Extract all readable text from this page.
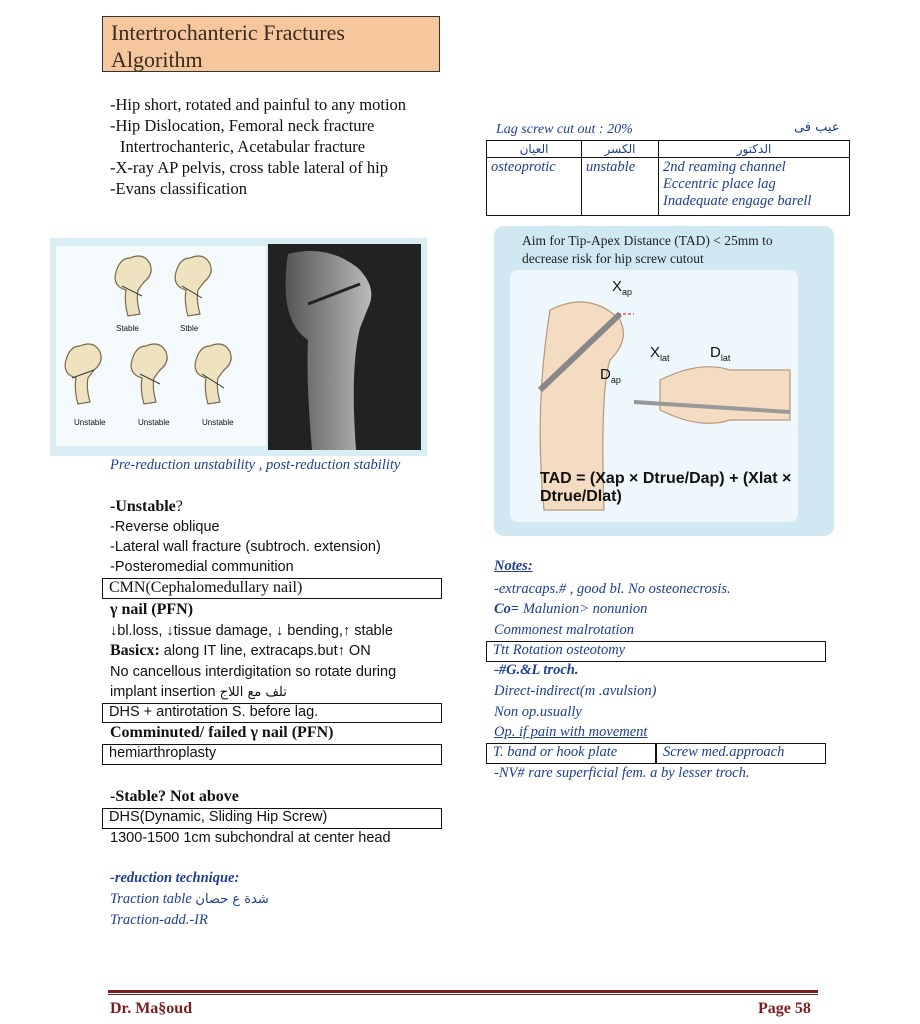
Intertrochanteric Fractures
Algorithm
-Hip short, rotated and painful to any motion
-Hip Dislocation, Femoral neck fracture
Intertrochanteric, Acetabular fracture
-X-ray AP pelvis, cross table lateral of hip
-Evans classification
Stable	Stble
Unstable	Unstable	Unstable
Pre-reduction unstability , post-reduction stability
Lag screw cut out : 20%	عيب فى
العيان	الكسر	الدكتور
osteoprotic	unstable	2nd reaming channel
Eccentric place lag
Inadequate engage barell
Aim for Tip-Apex Distance (TAD) < 25mm to decrease risk for hip screw cutout
$X_{ap}$
$D_{ap}$
$X_{lat}$	$D_{lat}$
TAD = (Xap × Dtrue/Dap) + (Xlat × Dtrue/Dlat)
-Unstable?
-Reverse oblique
-Lateral wall fracture (subtroch. extension)
-Posteromedial communition
CMN(Cephalomedullary nail)
γ nail (PFN)
↓bl.loss, ↓tissue damage, ↓ bending,↑ stable
Basicx: along IT line, extracaps.but↑ ON
No cancellous interdigitation so rotate during
implant insertion تلف مع اللاج
DHS + antirotation S. before lag.
Comminuted/ failed γ nail (PFN)
hemiarthroplasty
-Stable? Not above
DHS(Dynamic, Sliding Hip Screw)
1300-1500 1cm subchondral at center head
-reduction technique:
Traction table شدة ع حصان
Traction-add.-IR
Notes:
-extracaps.# , good bl. No osteonecrosis.
Co= Malunion> nonunion
Commonest malrotation
Ttt Rotation osteotomy
-#G.&L troch.
Direct-indirect(m .avulsion)
Non op.usually
Op. if pain with movement
T. band or hook plate	Screw med.approach
-NV# rare superficial fem. a by lesser troch.
Dr. Ma§oud	Page 58
